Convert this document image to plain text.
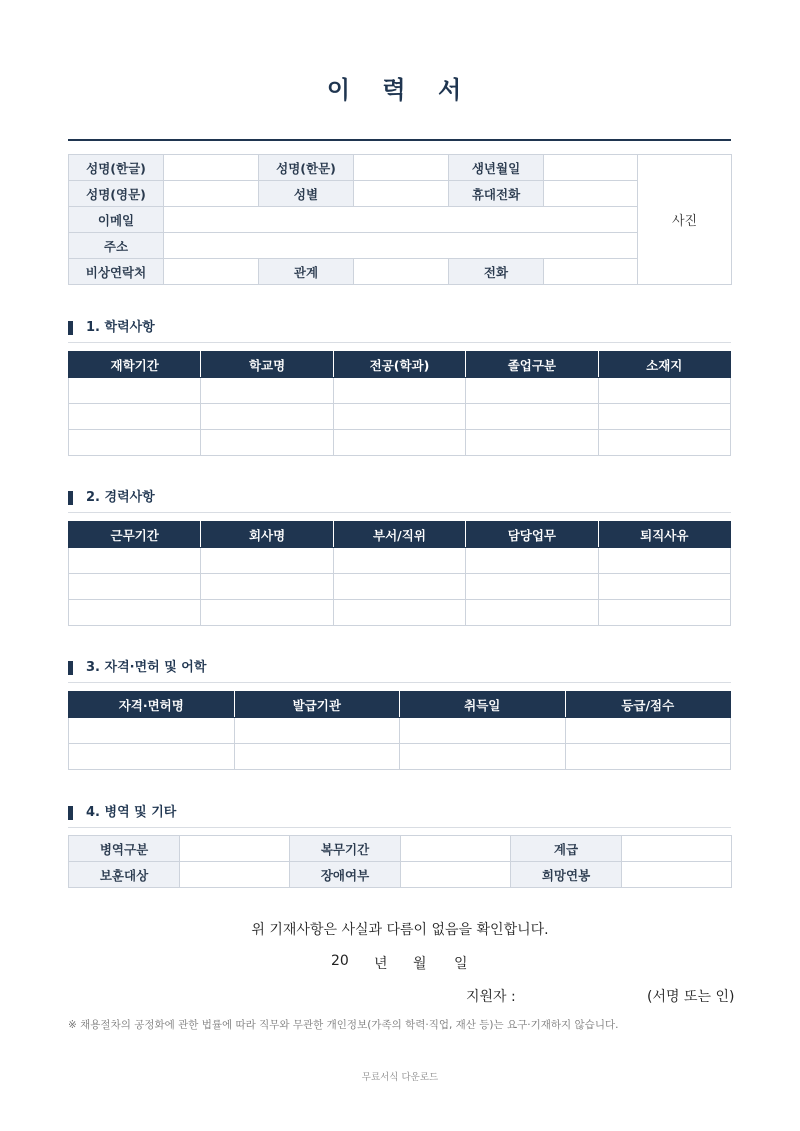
이 력 서
성명(한글)		성명(한문)		생년월일		사진
성명(영문)		성별		휴대전화		
이메일						
주소						
비상연락처		관계		전화		
1. 학력사항
재학기간	학교명	전공(학과)	졸업구분	소재지

2. 경력사항
근무기간	회사명	부서/직위	담당업무	퇴직사유

3. 자격·면허 및 어학
자격·면허명	발급기관	취득일	등급/점수

4. 병역 및 기타
병역구분		복무기간		계급	
보훈대상		장애여부		희망연봉	
위 기재사항은 사실과 다름이 없음을 확인합니다.
20 년 월 일
지원자 :	(서명 또는 인)
※ 채용절차의 공정화에 관한 법률에 따라 직무와 무관한 개인정보(가족의 학력·직업, 재산 등)는 요구·기재하지 않습니다.
무료서식 다운로드
